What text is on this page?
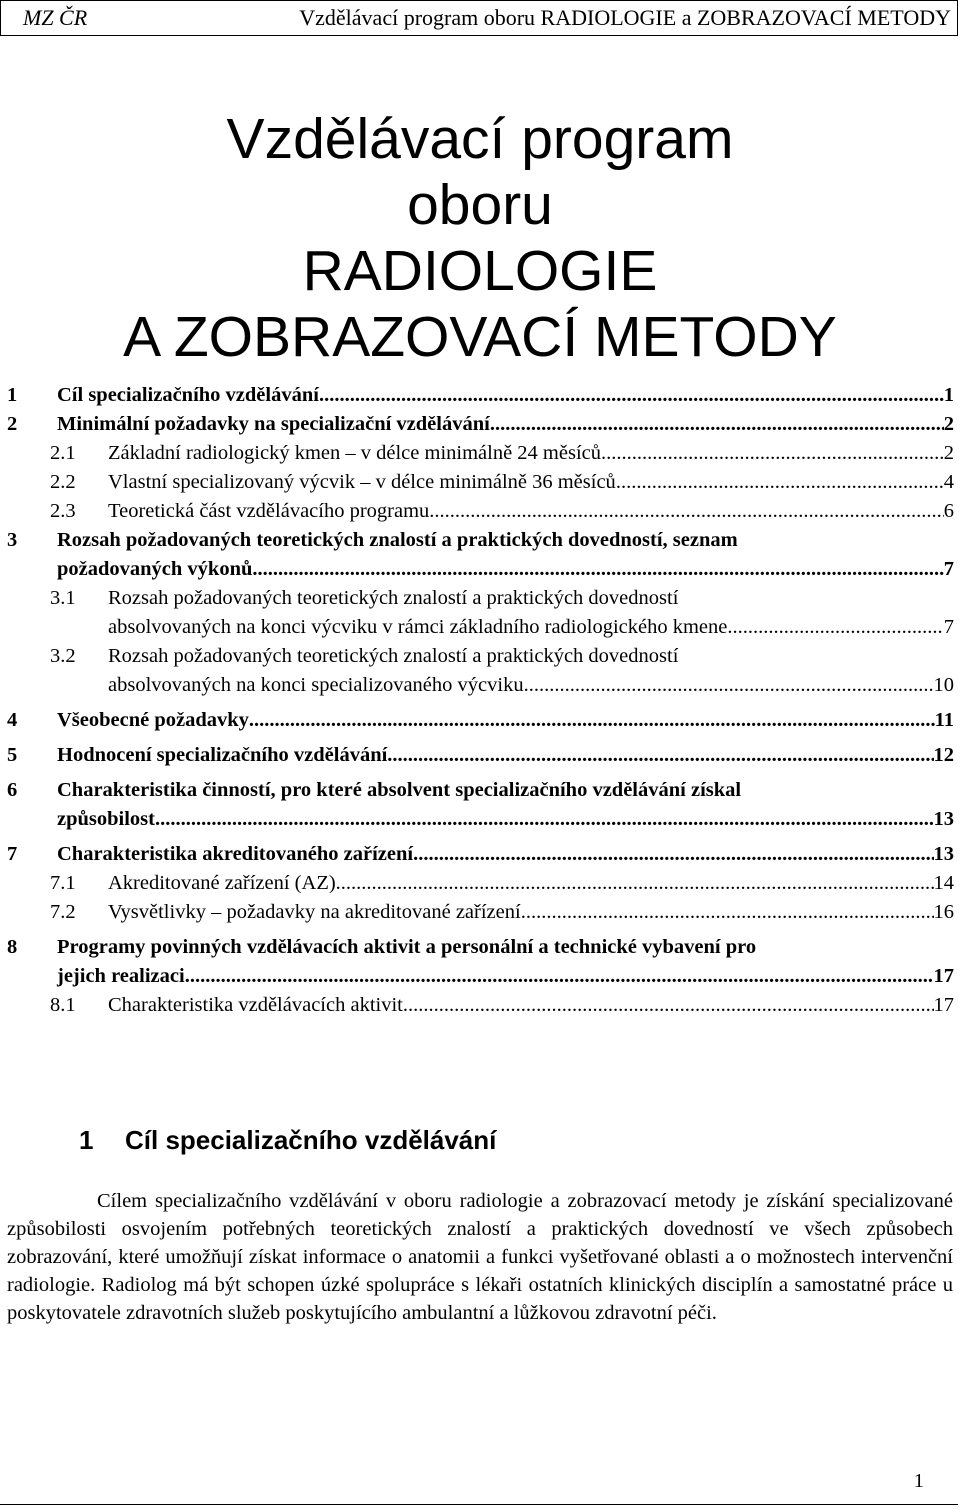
MZ ČR	Vzdělávací program oboru RADIOLOGIE a ZOBRAZOVACÍ METODY
Vzdělávací program
oboru
RADIOLOGIE
A ZOBRAZOVACÍ METODY
1	Cíl specializačního vzdělávání .....	1
2	Minimální požadavky na specializační vzdělávání .....	2
2.1	Základní radiologický kmen – v délce minimálně 24 měsíců .....	2
2.2	Vlastní specializovaný výcvik – v délce minimálně 36 měsíců .....	4
2.3	Teoretická část vzdělávacího programu .....	6
3	Rozsah požadovaných teoretických znalostí a praktických dovedností, seznam
požadovaných výkonů .....	7
3.1	Rozsah požadovaných teoretických znalostí a praktických dovedností
absolvovaných na konci výcviku v rámci základního radiologického kmene .....	7
3.2	Rozsah požadovaných teoretických znalostí a praktických dovedností
absolvovaných na konci specializovaného výcviku .....	10
4	Všeobecné požadavky .....	11
5	Hodnocení specializačního vzdělávání .....	12
6	Charakteristika činností, pro které absolvent specializačního vzdělávání získal
způsobilost .....	13
7	Charakteristika akreditovaného zařízení .....	13
7.1	Akreditované zařízení (AZ) .....	14
7.2	Vysvětlivky – požadavky na akreditované zařízení .....	16
8	Programy povinných vzdělávacích aktivit a personální a technické vybavení pro
jejich realizaci .....	17
8.1	Charakteristika vzdělávacích aktivit .....	17
1 Cíl specializačního vzdělávání
Cílem specializačního vzdělávání v oboru radiologie a zobrazovací metody je získání specializované způsobilosti osvojením potřebných teoretických znalostí a praktických dovedností ve všech způsobech zobrazování, které umožňují získat informace o anatomii a funkci vyšetřované oblasti a o možnostech intervenční radiologie. Radiolog má být schopen úzké spolupráce s lékaři ostatních klinických disciplín a samostatné práce u poskytovatele zdravotních služeb poskytujícího ambulantní a lůžkovou zdravotní péči.
1
